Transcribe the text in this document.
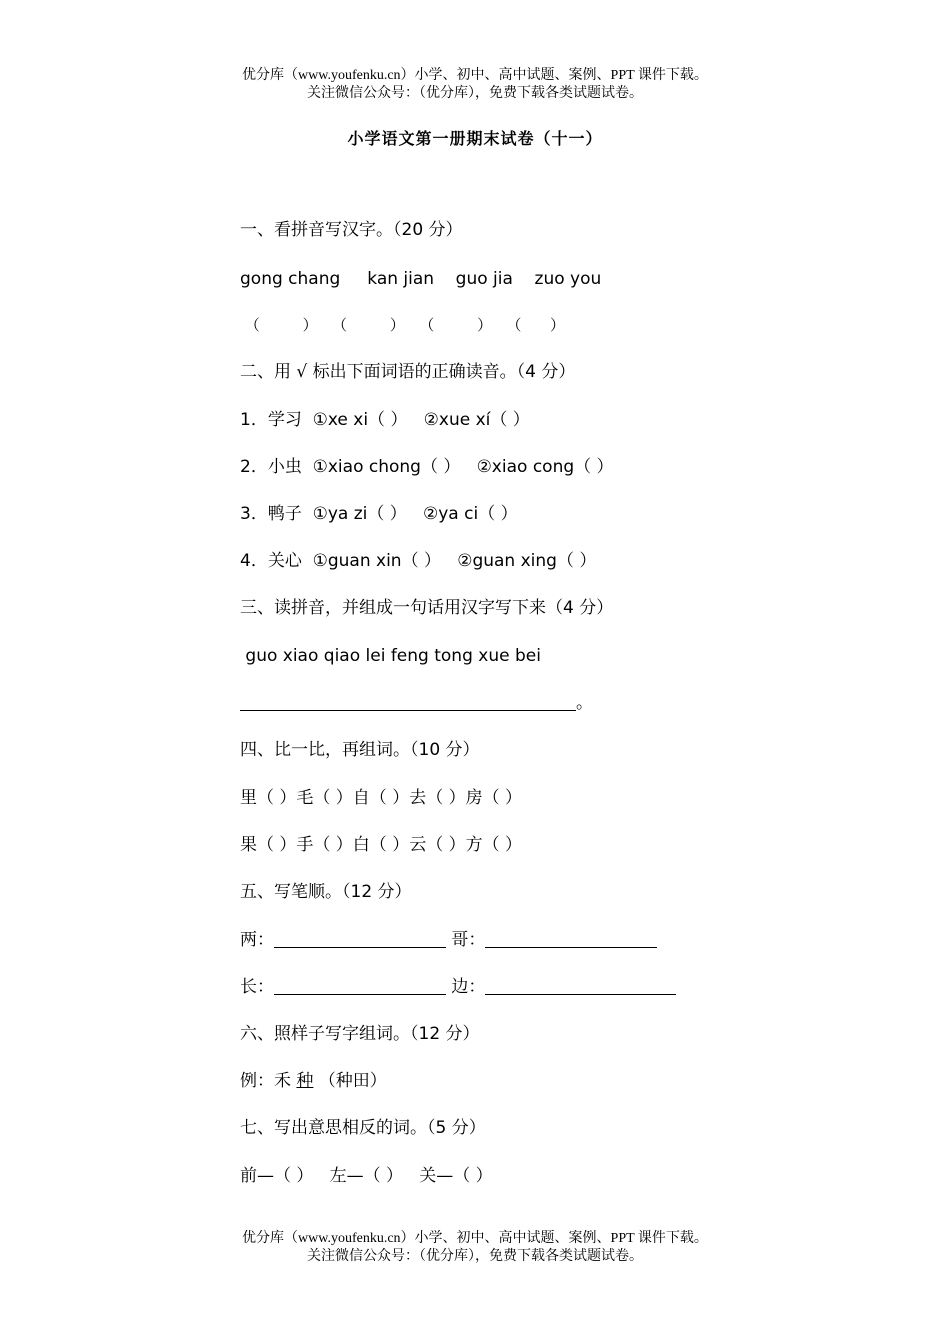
优分库（www.youfenku.cn）小学、初中、高中试题、案例、PPT 课件下载。
关注微信公众号：（优分库），免费下载各类试题试卷。
小学语文第一册期末试卷（十一）
一、看拼音写汉字。（20 分）
gong chang     kan jian    guo jia    zuo you
（         ）   （         ）   （         ）   （      ）
二、用 √ 标出下面词语的正确读音。（4 分）
1．学习  ①xe xi（ ）   ②xue xí（ ）
2．小虫  ①xiao chong（ ）   ②xiao cong（ ）
3．鸭子  ①ya zi（ ）   ②ya ci（ ）
4．关心  ①guan xin（ ）   ②guan xing（ ）
三、读拼音，并组成一句话用汉字写下来（4 分）
guo xiao qiao lei feng tong xue bei
。
四、比一比，再组词。（10 分）
里（ ）毛（ ）自（ ）去（ ）房（ ）
果（ ）手（ ）白（ ）云（ ）方（ ）
五、写笔顺。（12 分）
两：	哥：
长：	边：
六、照样子写字组词。（12 分）
例：禾 种 （种田）
七、写出意思相反的词。（5 分）
前—（ ）   左—（ ）   关—（ ）
优分库（www.youfenku.cn）小学、初中、高中试题、案例、PPT 课件下载。
关注微信公众号：（优分库），免费下载各类试题试卷。
